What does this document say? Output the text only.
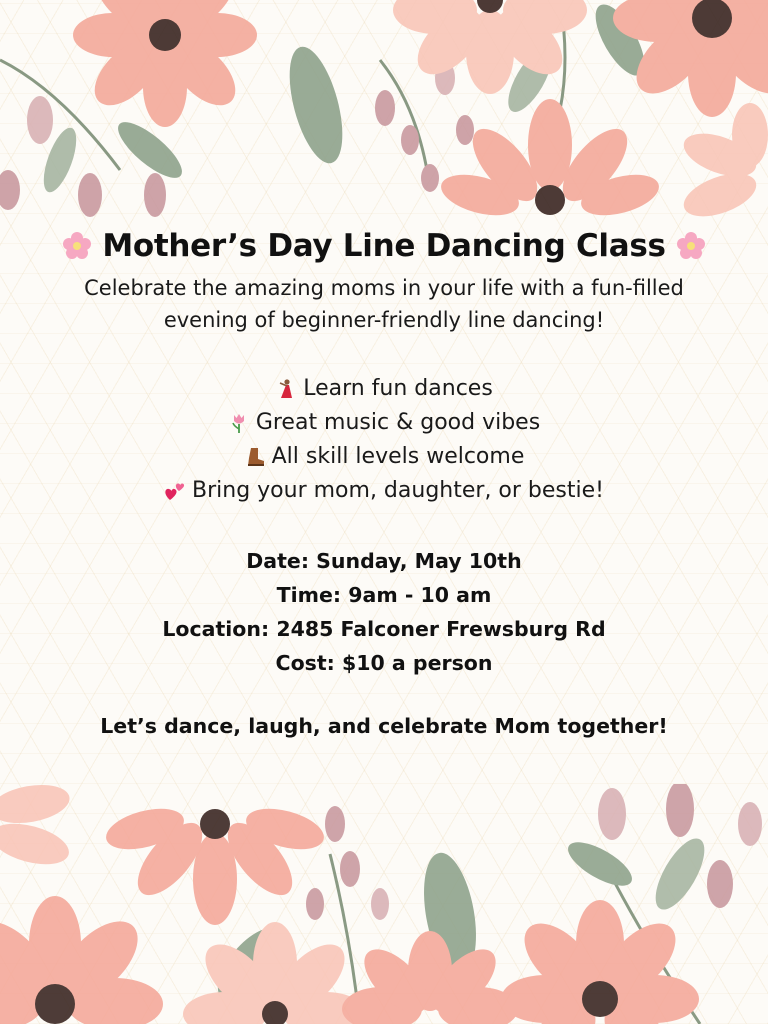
Mother’s Day Line Dancing Class

Celebrate the amazing moms in your life with a fun-filled
evening of beginner-friendly line dancing!

Learn fun dances
Great music & good vibes
All skill levels welcome
Bring your mom, daughter, or bestie!
Date: Sunday, May 10th
Time: 9am - 10 am
Location: 2485 Falconer Frewsburg Rd
Cost: $10 a person
Let’s dance, laugh, and celebrate Mom together!
